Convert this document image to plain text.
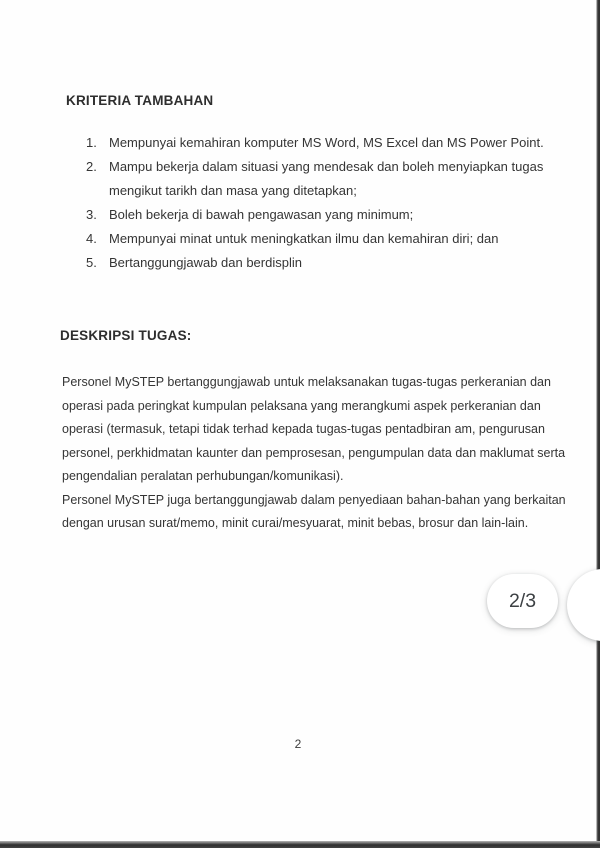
KRITERIA TAMBAHAN
1. Mempunyai kemahiran komputer MS Word, MS Excel dan MS Power Point.
2. Mampu bekerja dalam situasi yang mendesak dan boleh menyiapkan tugas mengikut tarikh dan masa yang ditetapkan;
3. Boleh bekerja di bawah pengawasan yang minimum;
4. Mempunyai minat untuk meningkatkan ilmu dan kemahiran diri; dan
5. Bertanggungjawab dan berdisplin
DESKRIPSI TUGAS:

Personel MySTEP bertanggungjawab untuk melaksanakan tugas-tugas perkeranian dan operasi pada peringkat kumpulan pelaksana yang merangkumi aspek perkeranian dan operasi (termasuk, tetapi tidak terhad kepada tugas-tugas pentadbiran am, pengurusan personel, perkhidmatan kaunter dan pemprosesan, pengumpulan data dan maklumat serta pengendalian peralatan perhubungan/komunikasi).

Personel MySTEP juga bertanggungjawab dalam penyediaan bahan-bahan yang berkaitan dengan urusan surat/memo, minit curai/mesyuarat, minit bebas, brosur dan lain-lain.

2
2/3
